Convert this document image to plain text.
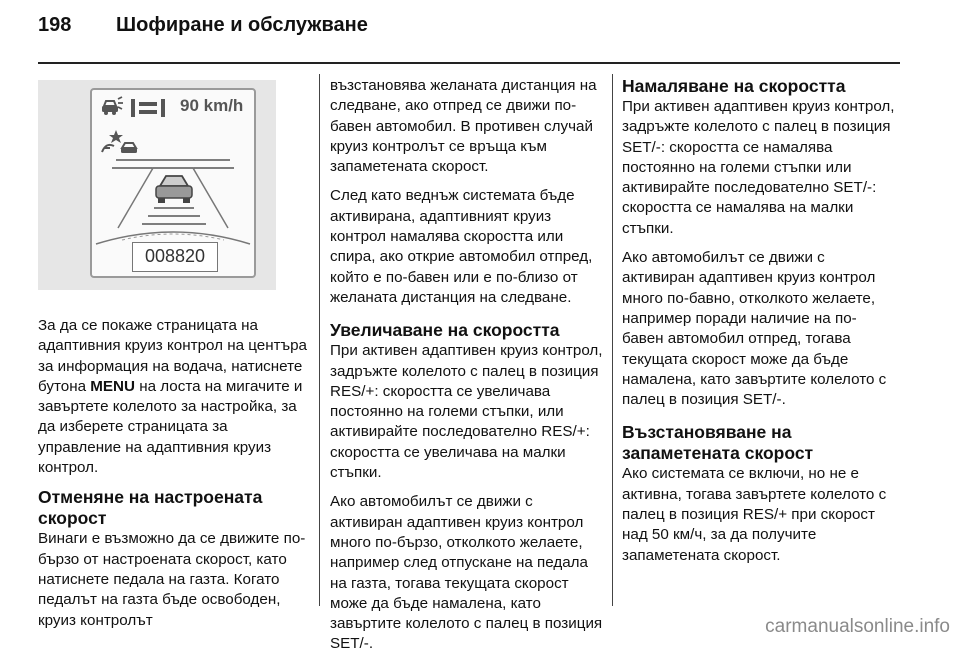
198 Шофиране и обслужване
90 km/h
008820

За да се покаже страницата на адаптивния круиз контрол на центъра за информация на водача, натиснете бутона MENU на лоста на мигачите и завъртете колелото за настройка, за да изберете страницата за управление на адаптивния круиз контрол.

Отменяне на настроената скорост

Винаги е възможно да се движите по-бързо от настроената скорост, като натиснете педала на газта. Когато педалът на газта бъде освободен, круиз контролът

възстановява желаната дистанция на следване, ако отпред се движи по-бавен автомобил. В противен случай круиз контролът се връща към запаметената скорост.

След като веднъж системата бъде активирана, адаптивният круиз контрол намалява скоростта или спира, ако открие автомобил отпред, който е по-бавен или е по-близо от желаната дистанция на следване.

Увеличаване на скоростта

При активен адаптивен круиз контрол, задръжте колелото с палец в позиция RES/+: скоростта се увеличава постоянно на големи стъпки, или активирайте последователно RES/+: скоростта се увеличава на малки стъпки.

Ако автомобилът се движи с активиран адаптивен круиз контрол много по-бързо, отколкото желаете, например след отпускане на педала на газта, тогава текущата скорост може да бъде намалена, като завъртите колелото с палец в позиция SET/-.

Намаляване на скоростта

При активен адаптивен круиз контрол, задръжте колелото с палец в позиция SET/-: скоростта се намалява постоянно на големи стъпки или активирайте последователно SET/-: скоростта се намалява на малки стъпки.

Ако автомобилът се движи с активиран адаптивен круиз контрол много по-бавно, отколкото желаете, например поради наличие на по-бавен автомобил отпред, тогава текущата скорост може да бъде намалена, като завъртите колелото с палец в позиция SET/-.

Възстановяване на запаметената скорост

Ако системата се включи, но не е активна, тогава завъртете колелото с палец в позиция RES/+ при скорост над 50 км/ч, за да получите запаметената скорост.

carmanualsonline.info
